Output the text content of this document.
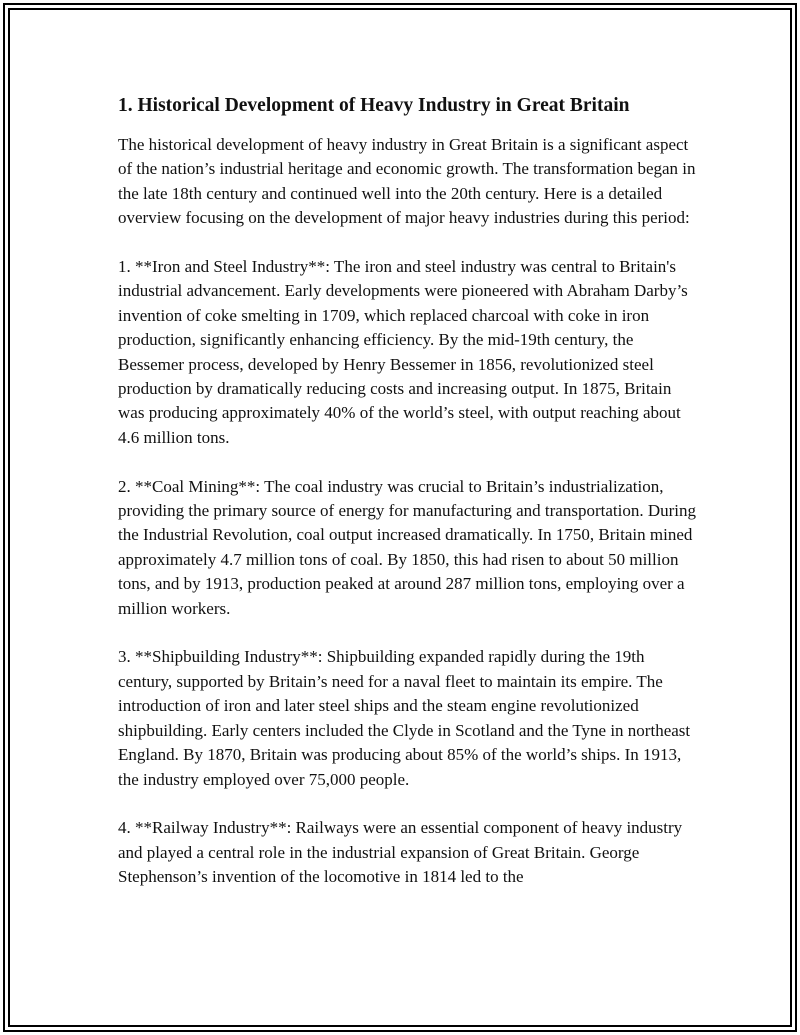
1. Historical Development of Heavy Industry in Great Britain

The historical development of heavy industry in Great Britain is a significant aspect of the nation’s industrial heritage and economic growth. The transformation began in the late 18th century and continued well into the 20th century. Here is a detailed overview focusing on the development of major heavy industries during this period:

1. **Iron and Steel Industry**: The iron and steel industry was central to Britain's industrial advancement. Early developments were pioneered with Abraham Darby’s invention of coke smelting in 1709, which replaced charcoal with coke in iron production, significantly enhancing efficiency. By the mid-19th century, the Bessemer process, developed by Henry Bessemer in 1856, revolutionized steel production by dramatically reducing costs and increasing output. In 1875, Britain was producing approximately 40% of the world’s steel, with output reaching about 4.6 million tons.

2. **Coal Mining**: The coal industry was crucial to Britain’s industrialization, providing the primary source of energy for manufacturing and transportation. During the Industrial Revolution, coal output increased dramatically. In 1750, Britain mined approximately 4.7 million tons of coal. By 1850, this had risen to about 50 million tons, and by 1913, production peaked at around 287 million tons, employing over a million workers.

3. **Shipbuilding Industry**: Shipbuilding expanded rapidly during the 19th century, supported by Britain’s need for a naval fleet to maintain its empire. The introduction of iron and later steel ships and the steam engine revolutionized shipbuilding. Early centers included the Clyde in Scotland and the Tyne in northeast England. By 1870, Britain was producing about 85% of the world’s ships. In 1913, the industry employed over 75,000 people.

4. **Railway Industry**: Railways were an essential component of heavy industry and played a central role in the industrial expansion of Great Britain. George Stephenson’s invention of the locomotive in 1814 led to the
